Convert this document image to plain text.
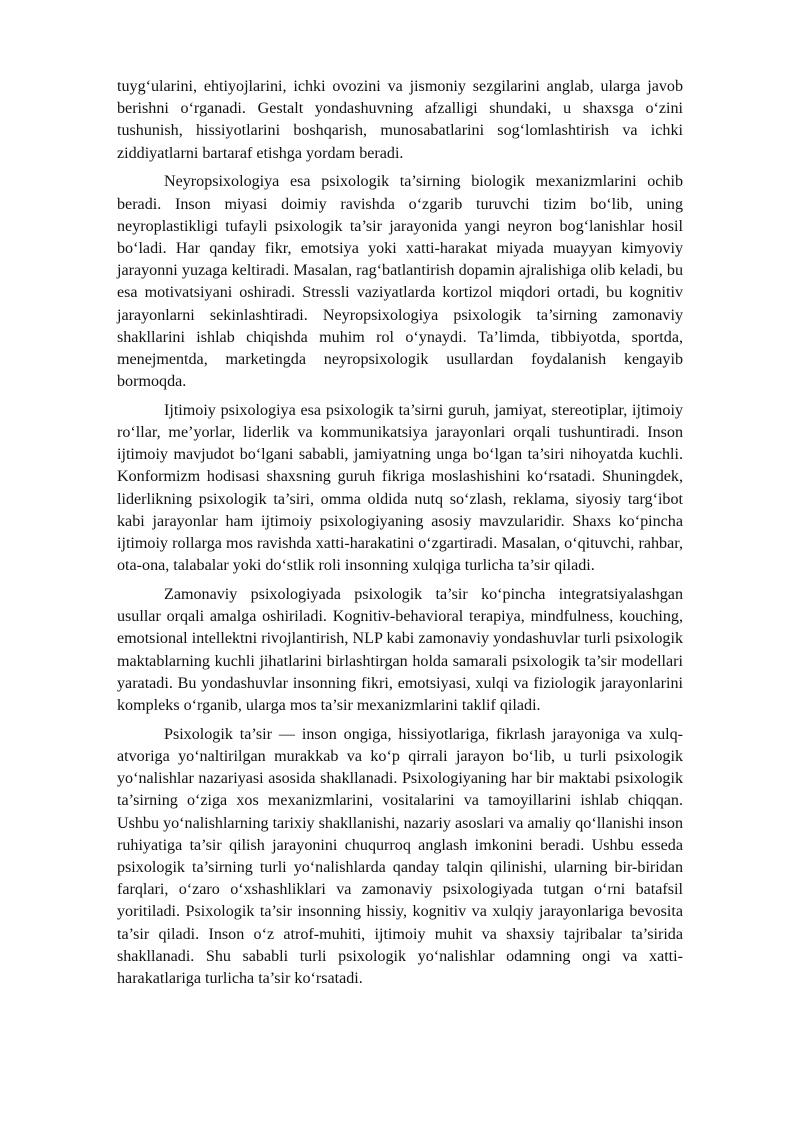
tuyg‘ularini, ehtiyojlarini, ichki ovozini va jismoniy sezgilarini anglab, ularga javob berishni o‘rganadi. Gestalt yondashuvning afzalligi shundaki, u shaxsga o‘zini tushunish, hissiyotlarini boshqarish, munosabatlarini sog‘lomlashtirish va ichki ziddiyatlarni bartaraf etishga yordam beradi.

Neyropsixologiya esa psixologik ta’sirning biologik mexanizmlarini ochib beradi. Inson miyasi doimiy ravishda o‘zgarib turuvchi tizim bo‘lib, uning neyroplastikligi tufayli psixologik ta’sir jarayonida yangi neyron bog‘lanishlar hosil bo‘ladi. Har qanday fikr, emotsiya yoki xatti-harakat miyada muayyan kimyoviy jarayonni yuzaga keltiradi. Masalan, rag‘batlantirish dopamin ajralishiga olib keladi, bu esa motivatsiyani oshiradi. Stressli vaziyatlarda kortizol miqdori ortadi, bu kognitiv jarayonlarni sekinlashtiradi. Neyropsixologiya psixologik ta’sirning zamonaviy shakllarini ishlab chiqishda muhim rol o‘ynaydi. Ta’limda, tibbiyotda, sportda, menejmentda, marketingda neyropsixologik usullardan foydalanish kengayib bormoqda.

Ijtimoiy psixologiya esa psixologik ta’sirni guruh, jamiyat, stereotiplar, ijtimoiy ro‘llar, me’yorlar, liderlik va kommunikatsiya jarayonlari orqali tushuntiradi. Inson ijtimoiy mavjudot bo‘lgani sababli, jamiyatning unga bo‘lgan ta’siri nihoyatda kuchli. Konformizm hodisasi shaxsning guruh fikriga moslashishini ko‘rsatadi. Shuningdek, liderlikning psixologik ta’siri, omma oldida nutq so‘zlash, reklama, siyosiy targ‘ibot kabi jarayonlar ham ijtimoiy psixologiyaning asosiy mavzularidir. Shaxs ko‘pincha ijtimoiy rollarga mos ravishda xatti-harakatini o‘zgartiradi. Masalan, o‘qituvchi, rahbar, ota-ona, talabalar yoki do‘stlik roli insonning xulqiga turlicha ta’sir qiladi.

Zamonaviy psixologiyada psixologik ta’sir ko‘pincha integratsiyalashgan usullar orqali amalga oshiriladi. Kognitiv-behavioral terapiya, mindfulness, kouching, emotsional intellektni rivojlantirish, NLP kabi zamonaviy yondashuvlar turli psixologik maktablarning kuchli jihatlarini birlashtirgan holda samarali psixologik ta’sir modellari yaratadi. Bu yondashuvlar insonning fikri, emotsiyasi, xulqi va fiziologik jarayonlarini kompleks o‘rganib, ularga mos ta’sir mexanizmlarini taklif qiladi.

Psixologik ta’sir — inson ongiga, hissiyotlariga, fikrlash jarayoniga va xulq-atvoriga yo‘naltirilgan murakkab va ko‘p qirrali jarayon bo‘lib, u turli psixologik yo‘nalishlar nazariyasi asosida shakllanadi. Psixologiyaning har bir maktabi psixologik ta’sirning o‘ziga xos mexanizmlarini, vositalarini va tamoyillarini ishlab chiqqan. Ushbu yo‘nalishlarning tarixiy shakllanishi, nazariy asoslari va amaliy qo‘llanishi inson ruhiyatiga ta’sir qilish jarayonini chuqurroq anglash imkonini beradi. Ushbu esseda psixologik ta’sirning turli yo‘nalishlarda qanday talqin qilinishi, ularning bir-biridan farqlari, o‘zaro o‘xshashliklari va zamonaviy psixologiyada tutgan o‘rni batafsil yoritiladi. Psixologik ta’sir insonning hissiy, kognitiv va xulqiy jarayonlariga bevosita ta’sir qiladi. Inson o‘z atrof-muhiti, ijtimoiy muhit va shaxsiy tajribalar ta’sirida shakllanadi. Shu sababli turli psixologik yo‘nalishlar odamning ongi va xatti-harakatlariga turlicha ta’sir ko‘rsatadi.
